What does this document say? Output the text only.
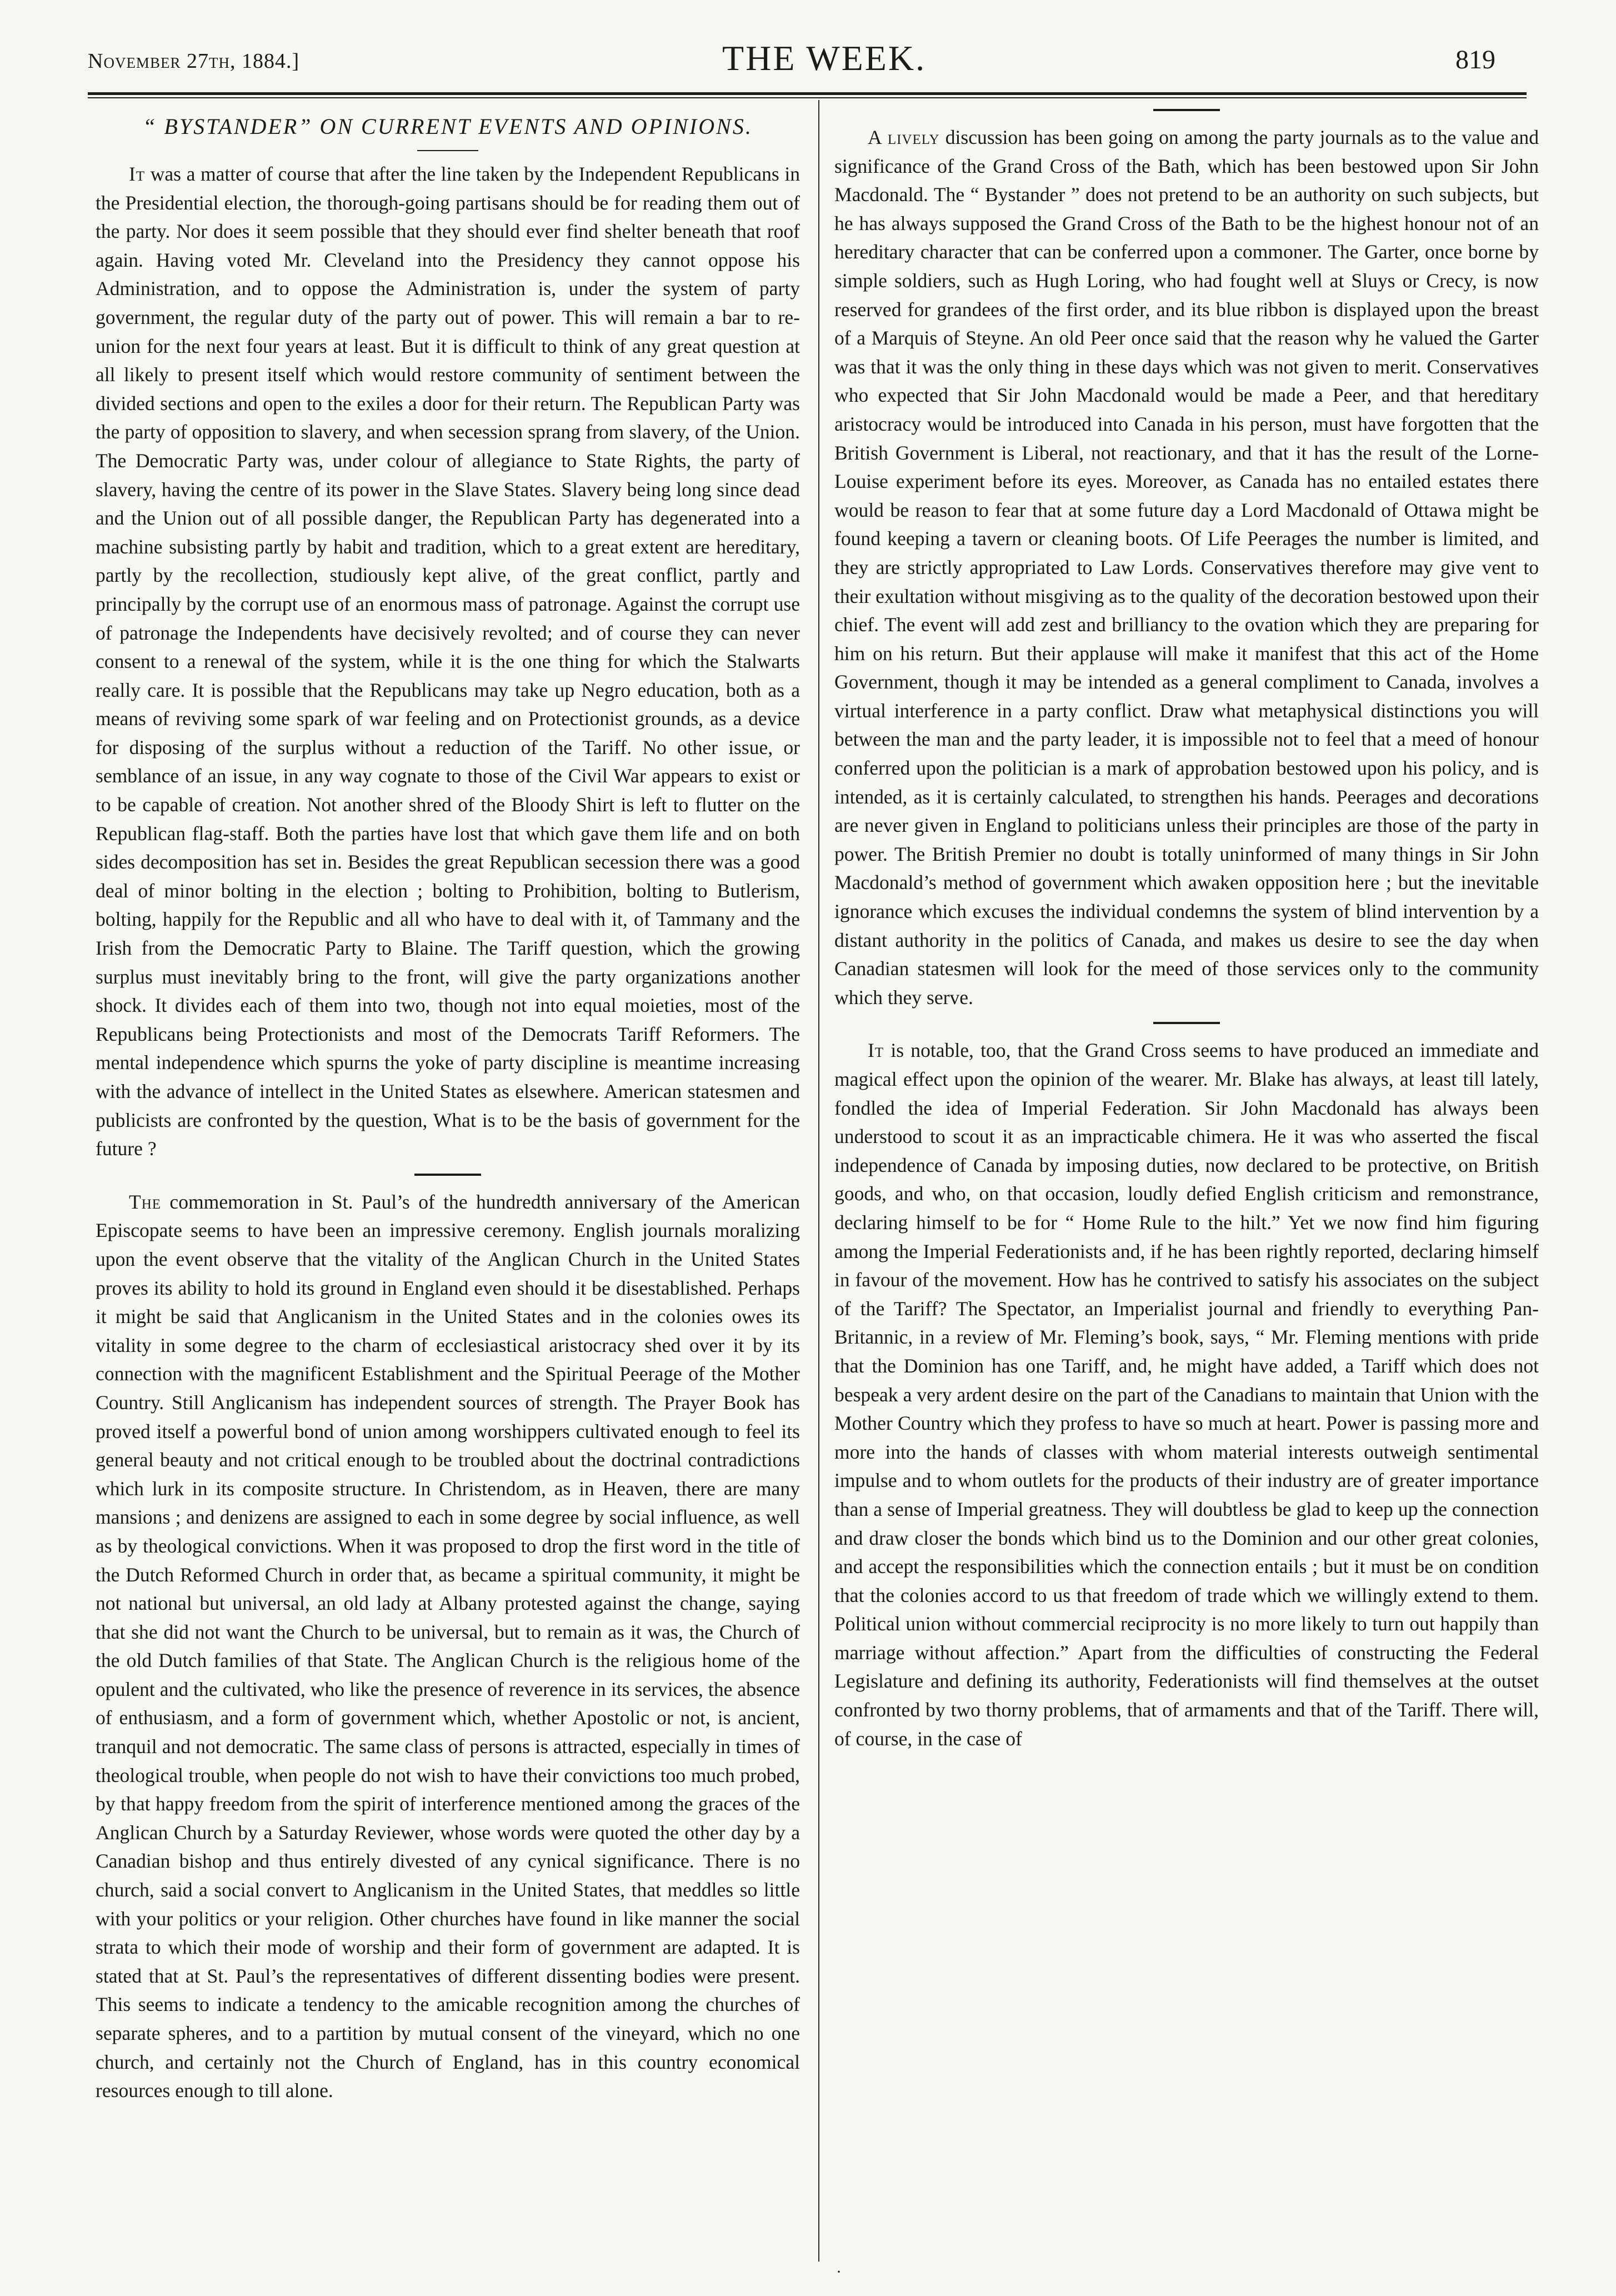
November 27th, 1884.]	THE WEEK.	819
“ BYSTANDER” ON CURRENT EVENTS AND OPINIONS.

It was a matter of course that after the line taken by the Independent Republicans in the Presidential election, the thorough-going partisans should be for reading them out of the party. Nor does it seem possible that they should ever find shelter beneath that roof again. Having voted Mr. Cleveland into the Presidency they cannot oppose his Administration, and to oppose the Administration is, under the system of party government, the regular duty of the party out of power. This will remain a bar to re-union for the next four years at least. But it is difficult to think of any great question at all likely to present itself which would restore community of sentiment between the divided sections and open to the exiles a door for their return. The Republican Party was the party of opposition to slavery, and when secession sprang from slavery, of the Union. The Democratic Party was, under colour of allegiance to State Rights, the party of slavery, having the centre of its power in the Slave States. Slavery being long since dead and the Union out of all possible danger, the Republican Party has degenerated into a machine subsisting partly by habit and tradition, which to a great extent are hereditary, partly by the recollection, studiously kept alive, of the great conflict, partly and principally by the corrupt use of an enormous mass of patronage. Against the corrupt use of patronage the Independents have decisively revolted; and of course they can never consent to a renewal of the system, while it is the one thing for which the Stalwarts really care. It is possible that the Republicans may take up Negro education, both as a means of reviving some spark of war feeling and on Protectionist grounds, as a device for disposing of the surplus without a reduction of the Tariff. No other issue, or semblance of an issue, in any way cognate to those of the Civil War appears to exist or to be capable of creation. Not another shred of the Bloody Shirt is left to flutter on the Republican flag-staff. Both the parties have lost that which gave them life and on both sides decomposition has set in. Besides the great Republican secession there was a good deal of minor bolting in the election ; bolting to Prohibition, bolting to Butlerism, bolting, happily for the Republic and all who have to deal with it, of Tammany and the Irish from the Democratic Party to Blaine. The Tariff question, which the growing surplus must inevitably bring to the front, will give the party organizations another shock. It divides each of them into two, though not into equal moieties, most of the Republicans being Protectionists and most of the Democrats Tariff Reformers. The mental independence which spurns the yoke of party discipline is meantime increasing with the advance of intellect in the United States as elsewhere. American statesmen and publicists are confronted by the question, What is to be the basis of government for the future ?

The commemoration in St. Paul’s of the hundredth anniversary of the American Episcopate seems to have been an impressive ceremony. English journals moralizing upon the event observe that the vitality of the Anglican Church in the United States proves its ability to hold its ground in England even should it be disestablished. Perhaps it might be said that Anglicanism in the United States and in the colonies owes its vitality in some degree to the charm of ecclesiastical aristocracy shed over it by its connection with the magnificent Establishment and the Spiritual Peerage of the Mother Country. Still Anglicanism has independent sources of strength. The Prayer Book has proved itself a powerful bond of union among worshippers cultivated enough to feel its general beauty and not critical enough to be troubled about the doctrinal contradictions which lurk in its composite structure. In Christendom, as in Heaven, there are many mansions ; and denizens are assigned to each in some degree by social influence, as well as by theological convictions. When it was proposed to drop the first word in the title of the Dutch Reformed Church in order that, as became a spiritual community, it might be not national but universal, an old lady at Albany protested against the change, saying that she did not want the Church to be universal, but to remain as it was, the Church of the old Dutch families of that State. The Anglican Church is the religious home of the opulent and the cultivated, who like the presence of reverence in its services, the absence of enthusiasm, and a form of government which, whether Apostolic or not, is ancient, tranquil and not democratic. The same class of persons is attracted, especially in times of theological trouble, when people do not wish to have their convictions too much probed, by that happy freedom from the spirit of interference mentioned among the graces of the Anglican Church by a Saturday Reviewer, whose words were quoted the other day by a Canadian bishop and thus entirely divested of any cynical significance. There is no church, said a social convert to Anglicanism in the United States, that meddles so little with your politics or your religion. Other churches have found in like manner the social strata to which their mode of worship and their form of government are adapted. It is stated that at St. Paul’s the representatives of different dissenting bodies were present. This seems to indicate a tendency to the amicable recognition among the churches of separate spheres, and to a partition by mutual consent of the vineyard, which no one church, and certainly not the Church of England, has in this country economical resources enough to till alone.

A lively discussion has been going on among the party journals as to the value and significance of the Grand Cross of the Bath, which has been bestowed upon Sir John Macdonald. The “ Bystander ” does not pretend to be an authority on such subjects, but he has always supposed the Grand Cross of the Bath to be the highest honour not of an hereditary character that can be conferred upon a commoner. The Garter, once borne by simple soldiers, such as Hugh Loring, who had fought well at Sluys or Crecy, is now reserved for grandees of the first order, and its blue ribbon is displayed upon the breast of a Marquis of Steyne. An old Peer once said that the reason why he valued the Garter was that it was the only thing in these days which was not given to merit. Conservatives who expected that Sir John Macdonald would be made a Peer, and that hereditary aristocracy would be introduced into Canada in his person, must have forgotten that the British Government is Liberal, not reactionary, and that it has the result of the Lorne-Louise experiment before its eyes. Moreover, as Canada has no entailed estates there would be reason to fear that at some future day a Lord Macdonald of Ottawa might be found keeping a tavern or cleaning boots. Of Life Peerages the number is limited, and they are strictly appropriated to Law Lords. Conservatives therefore may give vent to their exultation without misgiving as to the quality of the decoration bestowed upon their chief. The event will add zest and brilliancy to the ovation which they are preparing for him on his return. But their applause will make it manifest that this act of the Home Government, though it may be intended as a general compliment to Canada, involves a virtual interference in a party conflict. Draw what metaphysical distinctions you will between the man and the party leader, it is impossible not to feel that a meed of honour conferred upon the politician is a mark of approbation bestowed upon his policy, and is intended, as it is certainly calculated, to strengthen his hands. Peerages and decorations are never given in England to politicians unless their principles are those of the party in power. The British Premier no doubt is totally uninformed of many things in Sir John Macdonald’s method of government which awaken opposition here ; but the inevitable ignorance which excuses the individual condemns the system of blind intervention by a distant authority in the politics of Canada, and makes us desire to see the day when Canadian statesmen will look for the meed of those services only to the community which they serve.

It is notable, too, that the Grand Cross seems to have produced an immediate and magical effect upon the opinion of the wearer. Mr. Blake has always, at least till lately, fondled the idea of Imperial Federation. Sir John Macdonald has always been understood to scout it as an impracticable chimera. He it was who asserted the fiscal independence of Canada by imposing duties, now declared to be protective, on British goods, and who, on that occasion, loudly defied English criticism and remonstrance, declaring himself to be for “ Home Rule to the hilt.” Yet we now find him figuring among the Imperial Federationists and, if he has been rightly reported, declaring himself in favour of the movement. How has he contrived to satisfy his associates on the subject of the Tariff? The Spectator, an Imperialist journal and friendly to everything Pan-Britannic, in a review of Mr. Fleming’s book, says, “ Mr. Fleming mentions with pride that the Dominion has one Tariff, and, he might have added, a Tariff which does not bespeak a very ardent desire on the part of the Canadians to maintain that Union with the Mother Country which they profess to have so much at heart. Power is passing more and more into the hands of classes with whom material interests outweigh sentimental impulse and to whom outlets for the products of their industry are of greater importance than a sense of Imperial greatness. They will doubtless be glad to keep up the connection and draw closer the bonds which bind us to the Dominion and our other great colonies, and accept the responsibilities which the connection entails ; but it must be on condition that the colonies accord to us that freedom of trade which we willingly extend to them. Political union without commercial reciprocity is no more likely to turn out happily than marriage without affection.” Apart from the difficulties of constructing the Federal Legislature and defining its authority, Federationists will find themselves at the outset confronted by two thorny problems, that of armaments and that of the Tariff. There will, of course, in the case of

·
